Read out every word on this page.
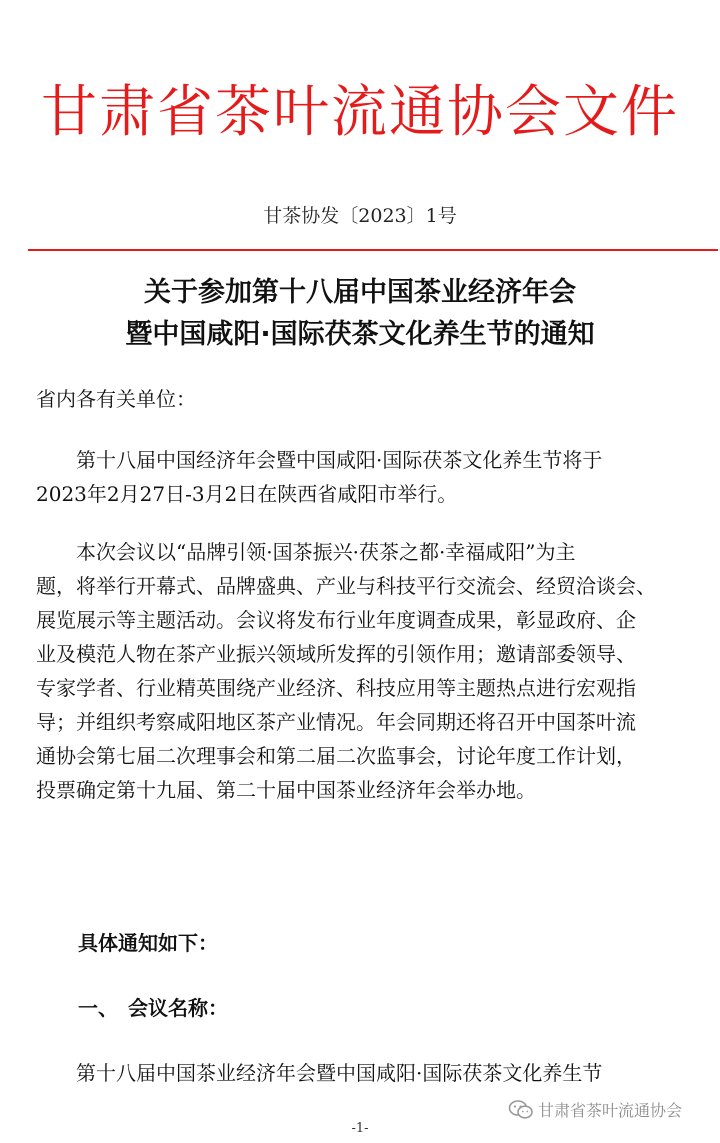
甘肃省茶叶流通协会文件
甘茶协发〔2023〕1号
关于参加第十八届中国茶业经济年会
暨中国咸阳·国际茯茶文化养生节的通知
省内各有关单位：
　　第十八届中国经济年会暨中国咸阳·国际茯茶文化养生节将于
2023年2月27日-3月2日在陕西省咸阳市举行。
　　本次会议以“品牌引领·国茶振兴·茯茶之都·幸福咸阳”为主
题，将举行开幕式、品牌盛典、产业与科技平行交流会、经贸洽谈会、
展览展示等主题活动。会议将发布行业年度调查成果，彰显政府、企
业及模范人物在茶产业振兴领域所发挥的引领作用；邀请部委领导、
专家学者、行业精英围绕产业经济、科技应用等主题热点进行宏观指
导；并组织考察咸阳地区茶产业情况。年会同期还将召开中国茶叶流
通协会第七届二次理事会和第二届二次监事会，讨论年度工作计划，
投票确定第十九届、第二十届中国茶业经济年会举办地。
具体通知如下：
一、　会议名称：
　　第十八届中国茶业经济年会暨中国咸阳·国际茯茶文化养生节
甘肃省茶叶流通协会
-1-
